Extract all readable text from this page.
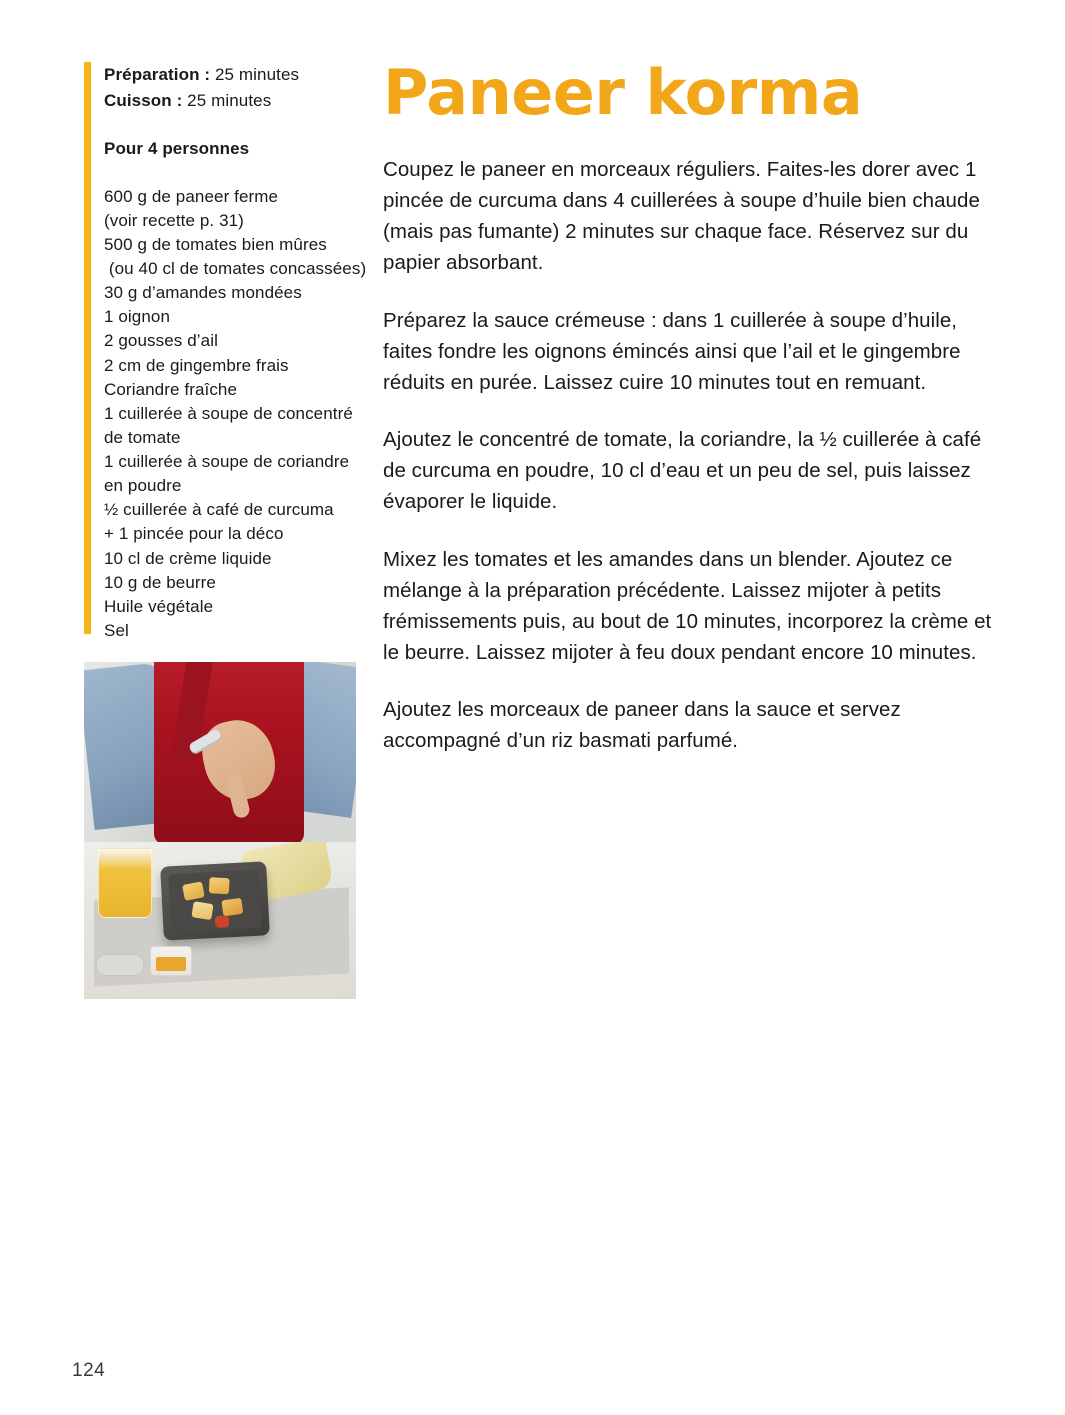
Préparation : 25 minutes
Cuisson : 25 minutes
Pour 4 personnes
600 g de paneer ferme
(voir recette p. 31)
500 g de tomates bien mûres
(ou 40 cl de tomates concassées)
30 g d’amandes mondées
1 oignon
2 gousses d’ail
2 cm de gingembre frais
Coriandre fraîche
1 cuillerée à soupe de concentré
de tomate
1 cuillerée à soupe de coriandre
en poudre
½ cuillerée à café de curcuma
+ 1 pincée pour la déco
10 cl de crème liquide
10 g de beurre
Huile végétale
Sel
Paneer korma

Coupez le paneer en morceaux réguliers. Faites-les dorer avec 1 pincée de curcuma dans 4 cuillerées à soupe d’huile bien chaude (mais pas fumante) 2 minutes sur chaque face. Réservez sur du papier absorbant.

Préparez la sauce crémeuse : dans 1 cuillerée à soupe d’huile, faites fondre les oignons émincés ainsi que l’ail et le gingembre réduits en purée. Laissez cuire 10 minutes tout en remuant.

Ajoutez le concentré de tomate, la coriandre, la ½ cuillerée à café de curcuma en poudre, 10 cl d’eau et un peu de sel, puis laissez évaporer le liquide.

Mixez les tomates et les amandes dans un blender. Ajoutez ce mélange à la préparation précédente. Laissez mijoter à petits frémissements puis, au bout de 10 minutes, incorporez la crème et le beurre. Laissez mijoter à feu doux pendant encore 10 minutes.

Ajoutez les morceaux de paneer dans la sauce et servez accompagné d’un riz basmati parfumé.

124
